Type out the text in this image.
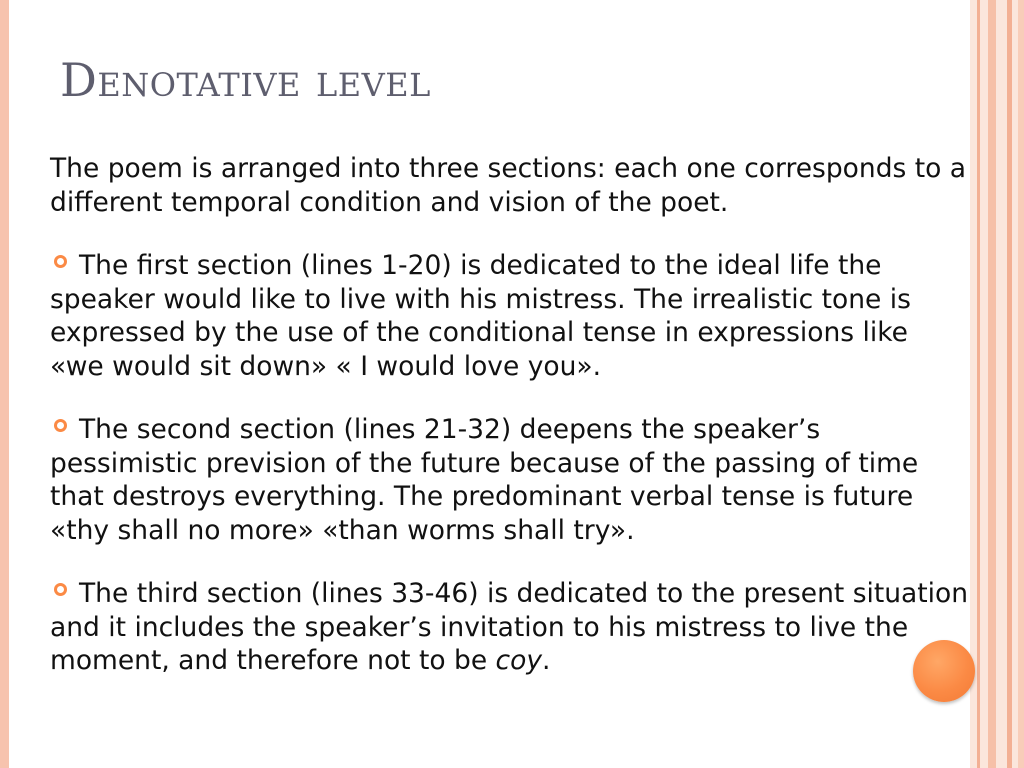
Denotative level

The poem is arranged into three sections: each one corresponds to a different temporal condition and vision of the poet.

The first section (lines 1-20) is dedicated to the ideal life the speaker would like to live with his mistress. The irrealistic tone is expressed by the use of the conditional tense in expressions like «we would sit down» « I would love you».

The second section (lines 21-32) deepens the speaker’s pessimistic prevision of the future because of the passing of time that destroys everything. The predominant verbal tense is future «thy shall no more» «than worms shall try».

The third section (lines 33-46) is dedicated to the present situation and it includes the speaker’s invitation to his mistress to live the moment, and therefore not to be coy.
